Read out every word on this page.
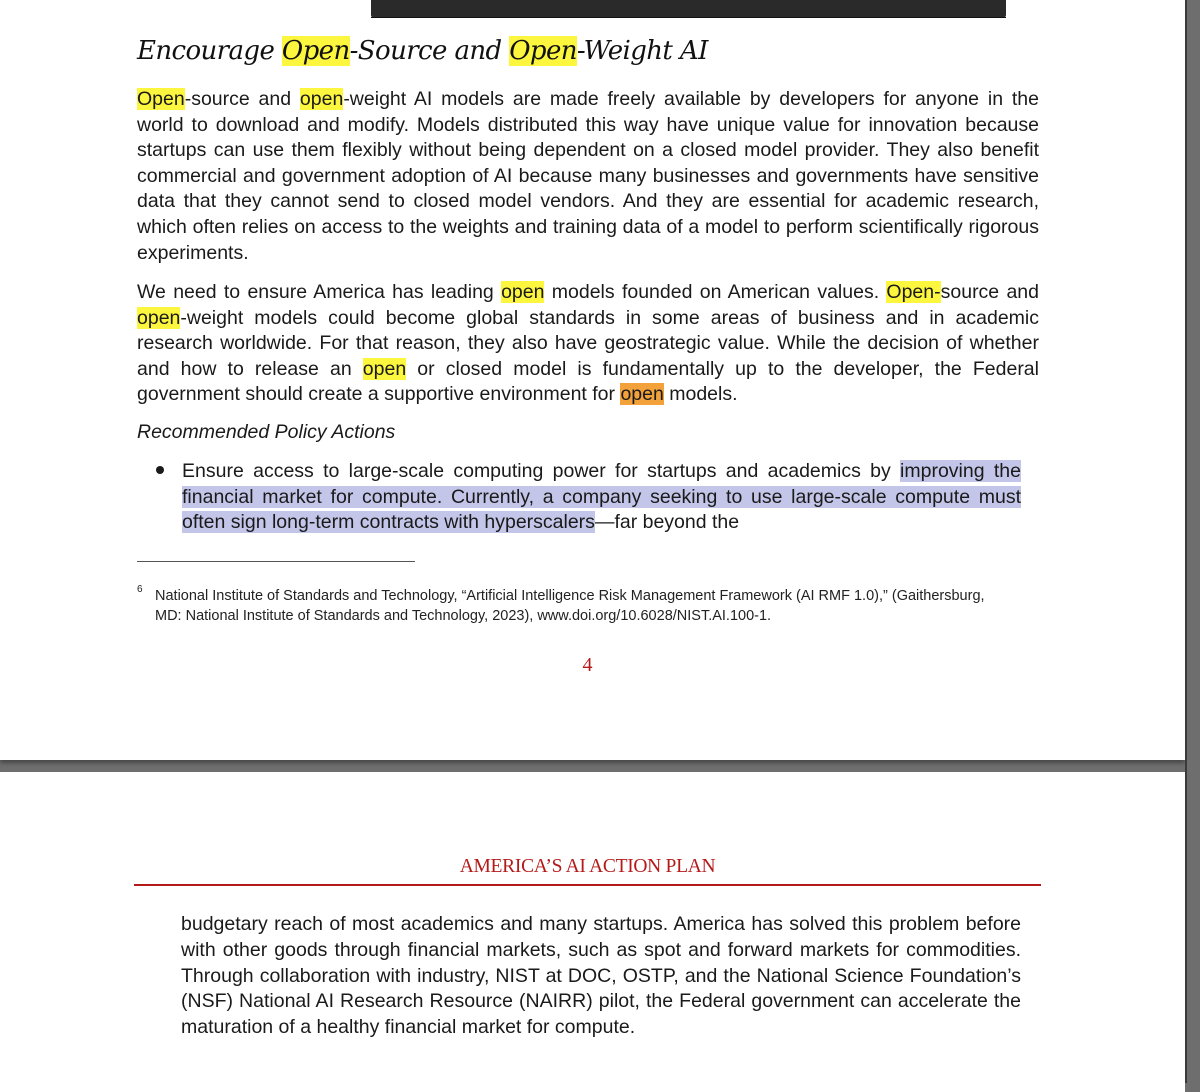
Encourage Open-Source and Open-Weight AI

Open-source and open-weight AI models are made freely available by developers for anyone in the world to download and modify. Models distributed this way have unique value for innovation because startups can use them flexibly without being dependent on a closed model provider. They also benefit commercial and government adoption of AI because many businesses and governments have sensitive data that they cannot send to closed model vendors. And they are essential for academic research, which often relies on access to the weights and training data of a model to perform scientifically rigorous experiments.

We need to ensure America has leading open models founded on American values. Open-source and open-weight models could become global standards in some areas of business and in academic research worldwide. For that reason, they also have geostrategic value. While the decision of whether and how to release an open or closed model is fundamentally up to the developer, the Federal government should create a supportive environment for open models.

Recommended Policy Actions

Ensure access to large-scale computing power for startups and academics by improving the financial market for compute. Currently, a company seeking to use large-scale compute must often sign long-term contracts with hyperscalers—far beyond the

6 National Institute of Standards and Technology, “Artificial Intelligence Risk Management Framework (AI RMF 1.0),” (Gaithersburg, MD: National Institute of Standards and Technology, 2023), www.doi.org/10.6028/NIST.AI.100-1.

4
AMERICA’S AI ACTION PLAN

budgetary reach of most academics and many startups. America has solved this problem before with other goods through financial markets, such as spot and forward markets for commodities. Through collaboration with industry, NIST at DOC, OSTP, and the National Science Foundation’s (NSF) National AI Research Resource (NAIRR) pilot, the Federal government can accelerate the maturation of a healthy financial market for compute.
